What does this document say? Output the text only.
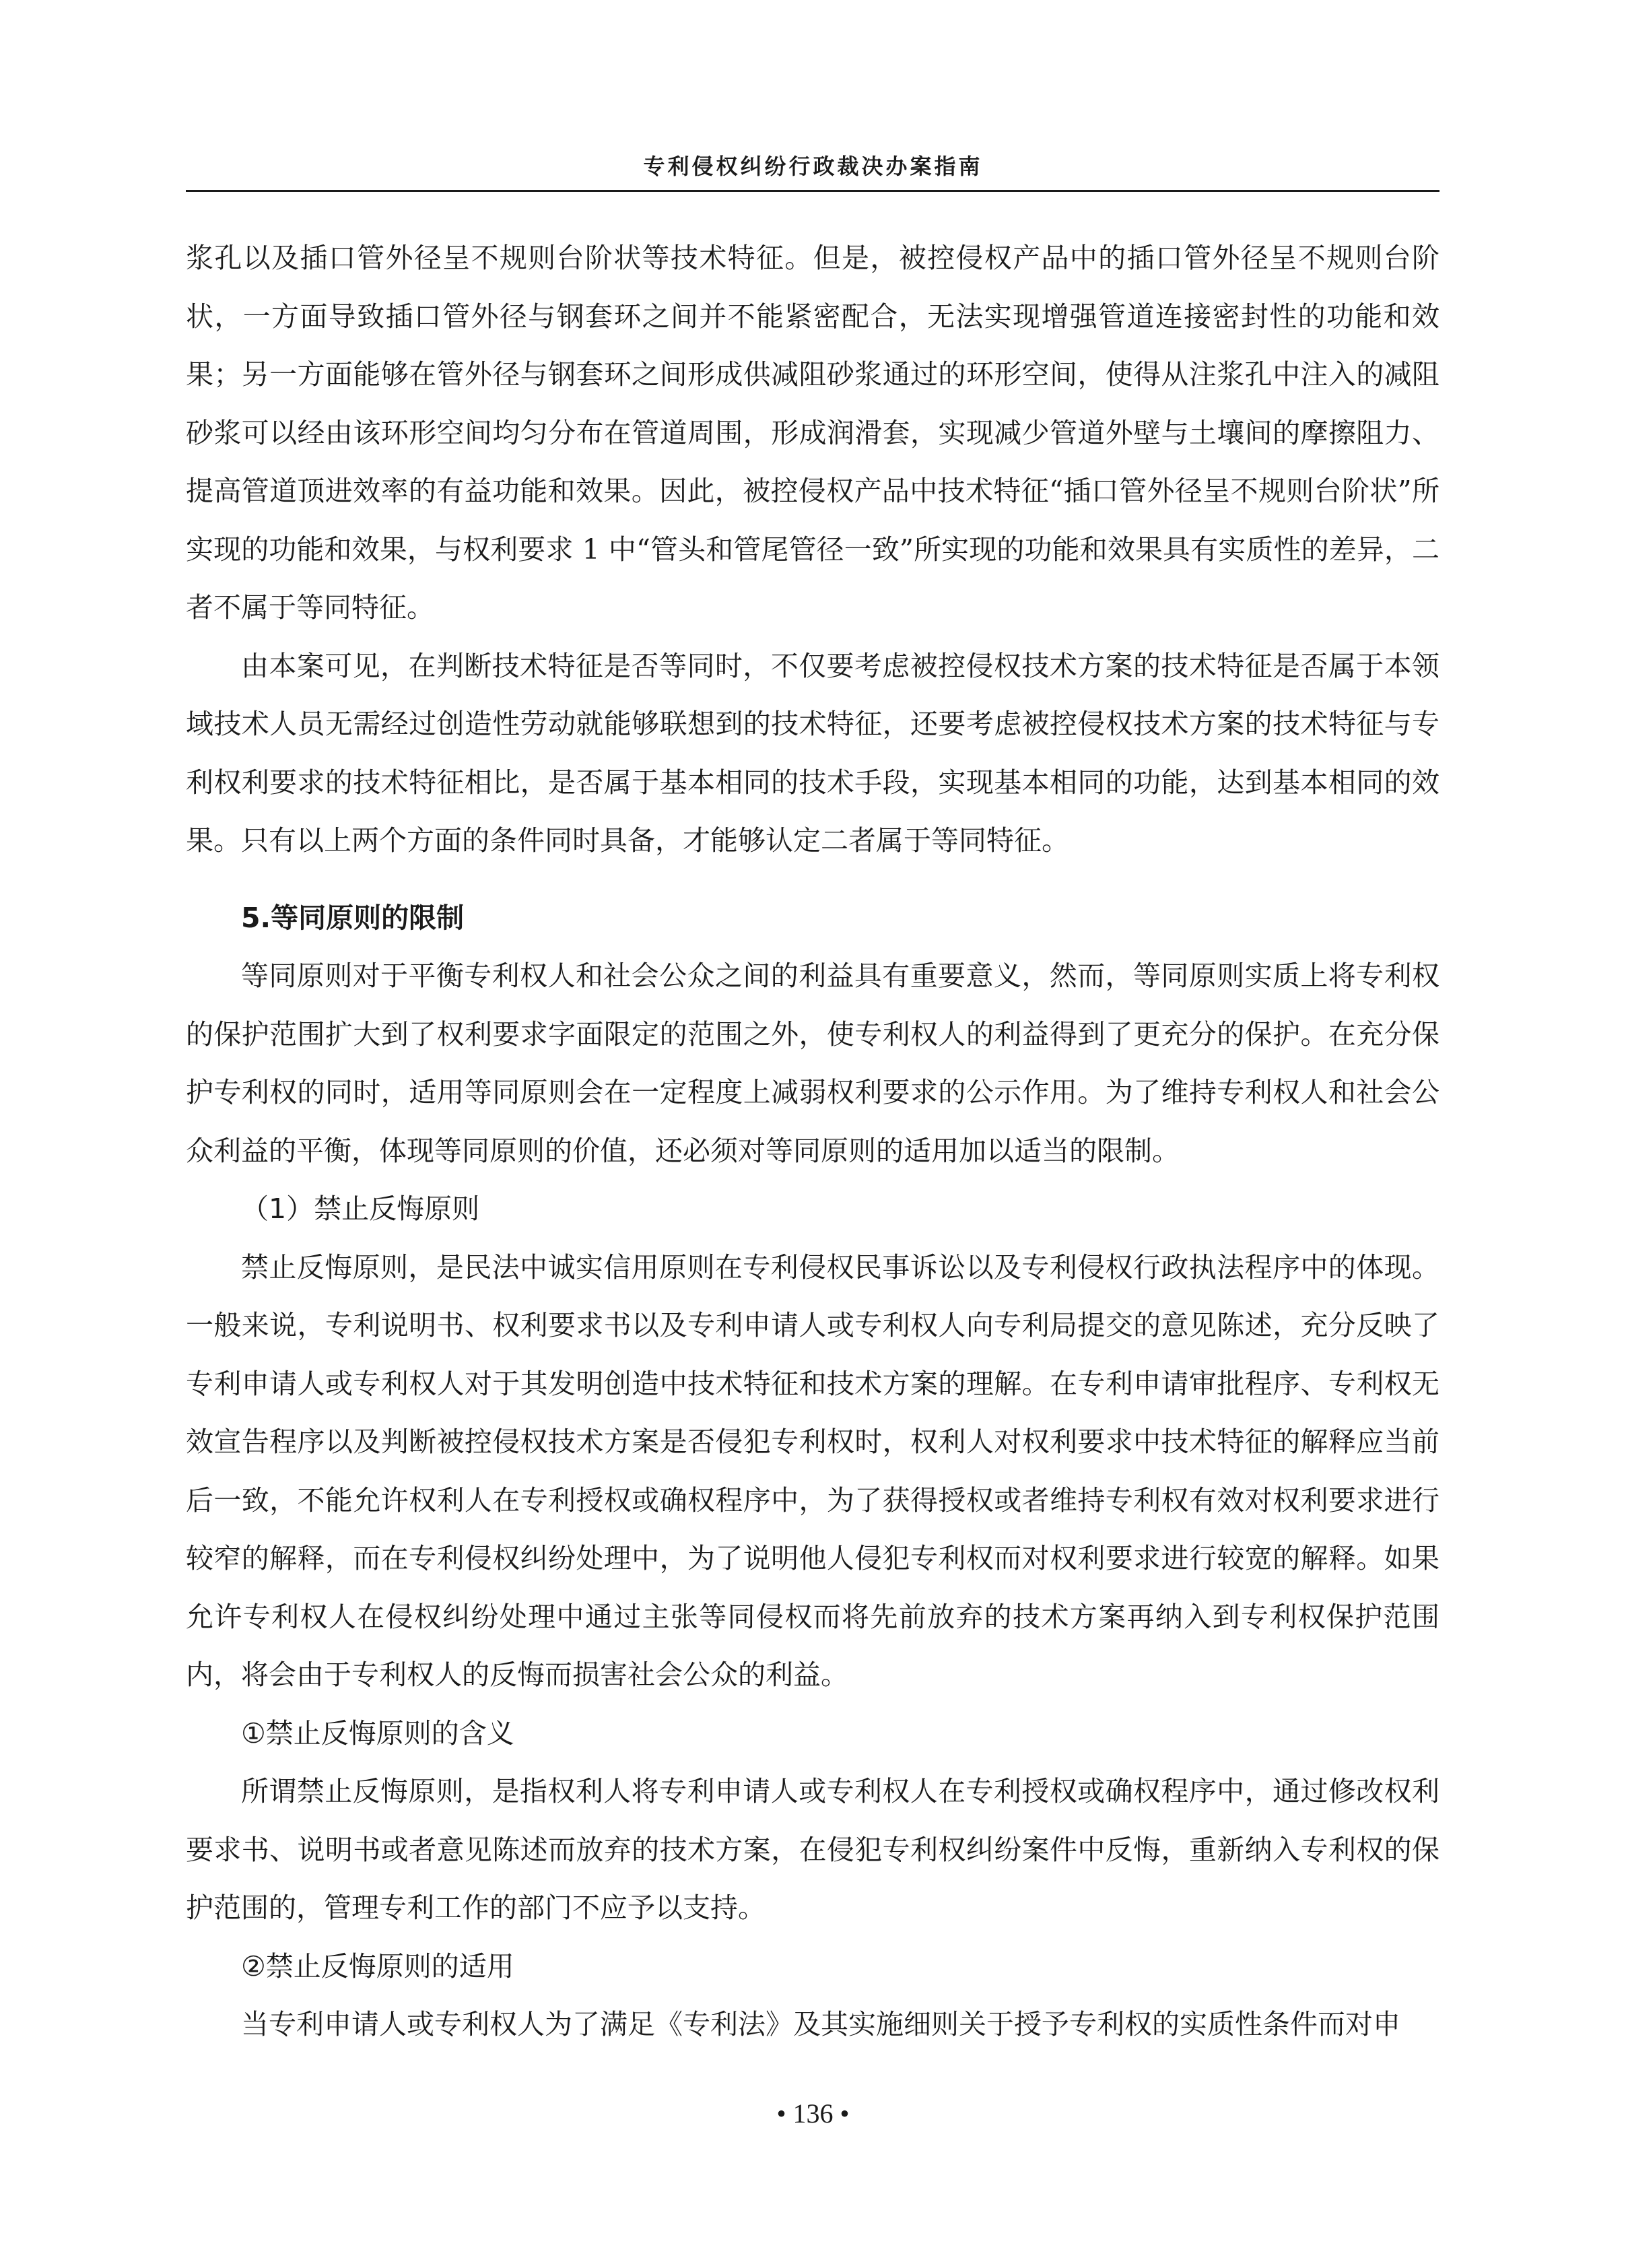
专利侵权纠纷行政裁决办案指南

浆孔以及插口管外径呈不规则台阶状等技术特征。但是，被控侵权产品中的插口管外径呈不规则台阶状，一方面导致插口管外径与钢套环之间并不能紧密配合，无法实现增强管道连接密封性的功能和效果；另一方面能够在管外径与钢套环之间形成供减阻砂浆通过的环形空间，使得从注浆孔中注入的减阻砂浆可以经由该环形空间均匀分布在管道周围，形成润滑套，实现减少管道外壁与土壤间的摩擦阻力、提高管道顶进效率的有益功能和效果。因此，被控侵权产品中技术特征“插口管外径呈不规则台阶状”所实现的功能和效果，与权利要求 1 中“管头和管尾管径一致”所实现的功能和效果具有实质性的差异，二者不属于等同特征。

由本案可见，在判断技术特征是否等同时，不仅要考虑被控侵权技术方案的技术特征是否属于本领域技术人员无需经过创造性劳动就能够联想到的技术特征，还要考虑被控侵权技术方案的技术特征与专利权利要求的技术特征相比，是否属于基本相同的技术手段，实现基本相同的功能，达到基本相同的效果。只有以上两个方面的条件同时具备，才能够认定二者属于等同特征。

5.等同原则的限制

等同原则对于平衡专利权人和社会公众之间的利益具有重要意义，然而，等同原则实质上将专利权的保护范围扩大到了权利要求字面限定的范围之外，使专利权人的利益得到了更充分的保护。在充分保护专利权的同时，适用等同原则会在一定程度上减弱权利要求的公示作用。为了维持专利权人和社会公众利益的平衡，体现等同原则的价值，还必须对等同原则的适用加以适当的限制。

（1）禁止反悔原则

禁止反悔原则，是民法中诚实信用原则在专利侵权民事诉讼以及专利侵权行政执法程序中的体现。一般来说，专利说明书、权利要求书以及专利申请人或专利权人向专利局提交的意见陈述，充分反映了专利申请人或专利权人对于其发明创造中技术特征和技术方案的理解。在专利申请审批程序、专利权无效宣告程序以及判断被控侵权技术方案是否侵犯专利权时，权利人对权利要求中技术特征的解释应当前后一致，不能允许权利人在专利授权或确权程序中，为了获得授权或者维持专利权有效对权利要求进行较窄的解释，而在专利侵权纠纷处理中，为了说明他人侵犯专利权而对权利要求进行较宽的解释。如果允许专利权人在侵权纠纷处理中通过主张等同侵权而将先前放弃的技术方案再纳入到专利权保护范围内，将会由于专利权人的反悔而损害社会公众的利益。

①禁止反悔原则的含义

所谓禁止反悔原则，是指权利人将专利申请人或专利权人在专利授权或确权程序中，通过修改权利要求书、说明书或者意见陈述而放弃的技术方案，在侵犯专利权纠纷案件中反悔，重新纳入专利权的保护范围的，管理专利工作的部门不应予以支持。

②禁止反悔原则的适用

当专利申请人或专利权人为了满足《专利法》及其实施细则关于授予专利权的实质性条件而对申

• 136 •
